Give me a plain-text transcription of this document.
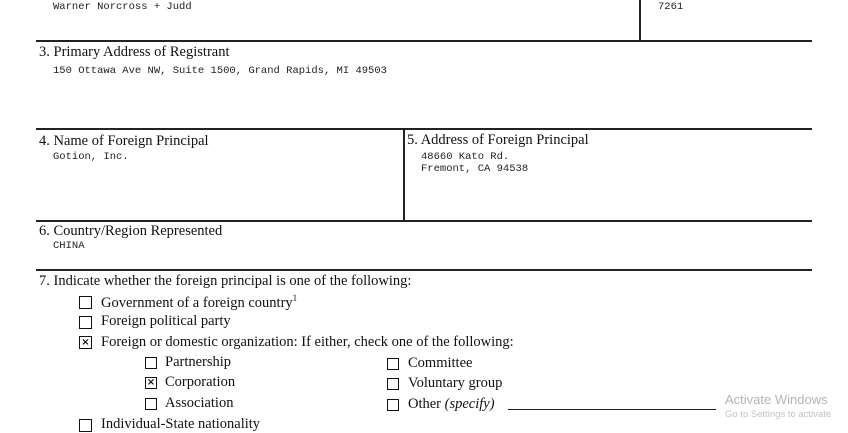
Warner Norcross + Judd	7261
3. Primary Address of Registrant
150 Ottawa Ave NW, Suite 1500, Grand Rapids, MI 49503
4. Name of Foreign Principal
Gotion, Inc.
5. Address of Foreign Principal
48660 Kato Rd.
Fremont, CA 94538
6. Country/Region Represented
CHINA
7. Indicate whether the foreign principal is one of the following:
Government of a foreign country$^1$
Foreign political party
× Foreign or domestic organization: If either, check one of the following:
Partnership
× Corporation
Association
Committee
Voluntary group
Other (specify)
Individual-State nationality
Activate Windows
Go to Settings to activate
